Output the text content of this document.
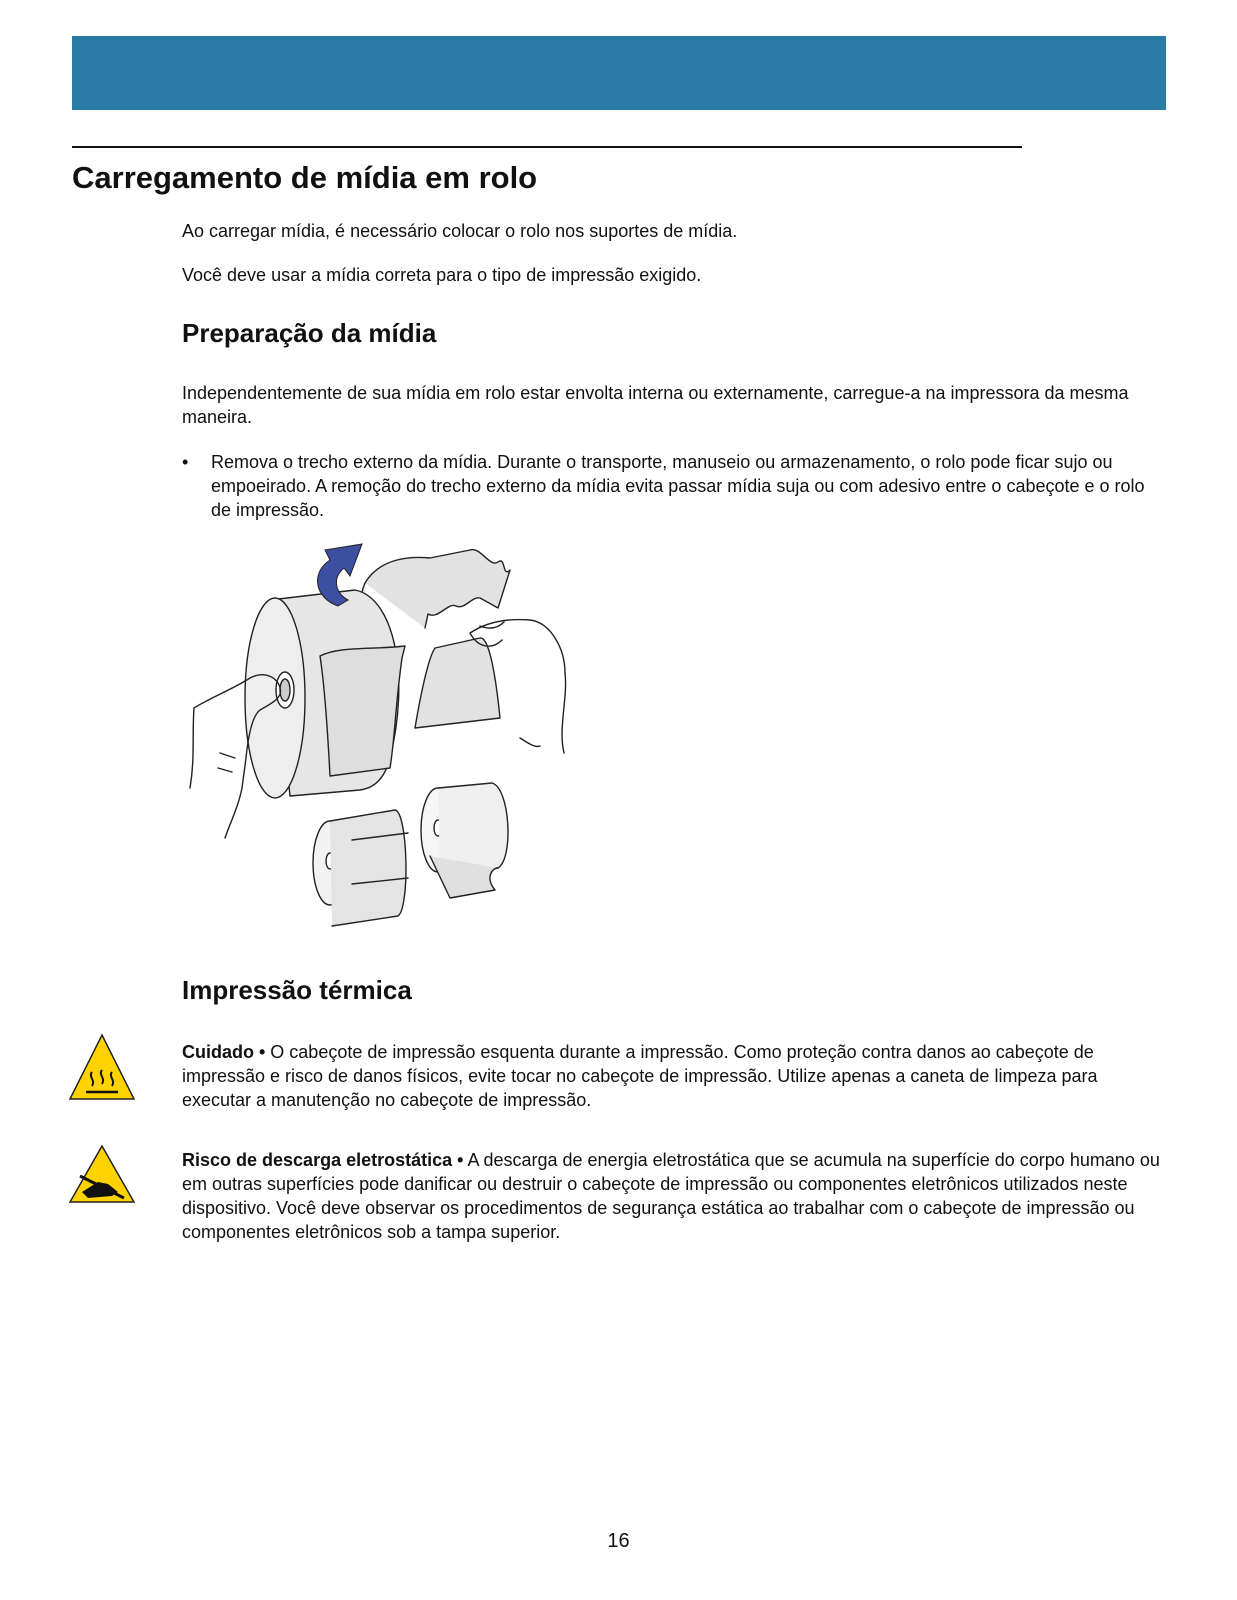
Carregamento de mídia em rolo

Ao carregar mídia, é necessário colocar o rolo nos suportes de mídia.

Você deve usar a mídia correta para o tipo de impressão exigido.

Preparação da mídia

Independentemente de sua mídia em rolo estar envolta interna ou externamente, carregue-a na impressora da mesma maneira.

• Remova o trecho externo da mídia. Durante o transporte, manuseio ou armazenamento, o rolo pode ficar sujo ou empoeirado. A remoção do trecho externo da mídia evita passar mídia suja ou com adesivo entre o cabeçote e o rolo de impressão.

Impressão térmica

Cuidado • O cabeçote de impressão esquenta durante a impressão. Como proteção contra danos ao cabeçote de impressão e risco de danos físicos, evite tocar no cabeçote de impressão. Utilize apenas a caneta de limpeza para executar a manutenção no cabeçote de impressão.

Risco de descarga eletrostática • A descarga de energia eletrostática que se acumula na superfície do corpo humano ou em outras superfícies pode danificar ou destruir o cabeçote de impressão ou componentes eletrônicos utilizados neste dispositivo. Você deve observar os procedimentos de segurança estática ao trabalhar com o cabeçote de impressão ou componentes eletrônicos sob a tampa superior.

16
